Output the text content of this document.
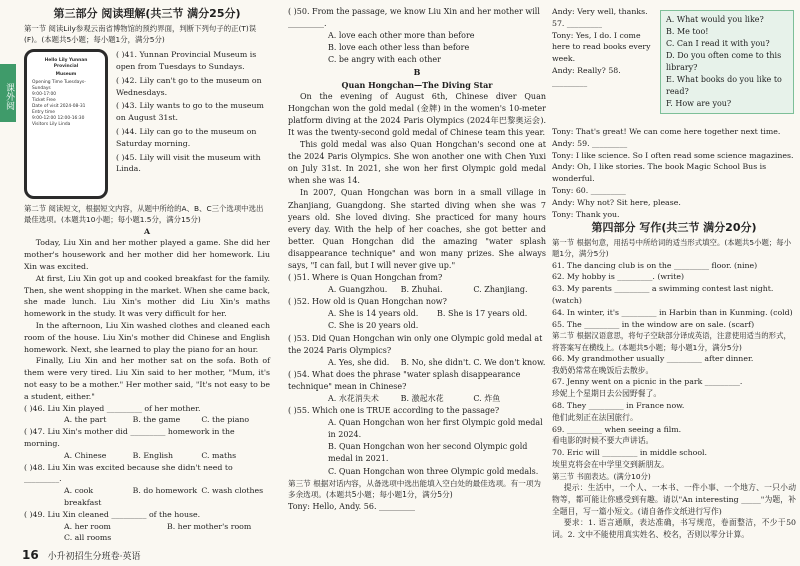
课外阅
第三部分 阅读理解(共三节 满分25分)
第一节 阅读Lily参观云南省博物馆的预约界面，判断下列句子的正(T)误(F)。(本题共5小题；每小题1分，满分5分)
Hello Lily Yunnan Provincial
Museum
Opening Time Tuesdays-Sundays
9:00-17:00
Ticket Free
Date of visit 2024-08-31
Entry time
9:00-12:00 12:00-16:30
Visitors Lily Linda
( )41. Yunnan Provincial Museum is open from Tuesdays to Sundays.
( )42. Lily can't go to the museum on Wednesdays.
( )43. Lily wants to go to the museum on August 31st.
( )44. Lily can go to the museum on Saturday morning.
( )45. Lily will visit the museum with Linda.
第二节 阅读短文，根据短文内容，从题中所给的A、B、C三个选项中选出最佳选项。(本题共10小题；每小题1.5分，满分15分)
A
Today, Liu Xin and her mother played a game. She did her mother's housework and her mother did her homework. Liu Xin was excited.
At first, Liu Xin got up and cooked breakfast for the family. Then, she went shopping in the market. When she came back, she made lunch. Liu Xin's mother did Liu Xin's maths homework in the study. It was very difficult for her.
In the afternoon, Liu Xin washed clothes and cleaned each room of the house. Liu Xin's mother did Chinese and English homework. Next, she learned to play the piano for an hour.
Finally, Liu Xin and her mother sat on the sofa. Both of them were very tired. Liu Xin said to her mother, "Mum, it's not easy to be a mother." Her mother said, "It's not easy to be a student, either."
( )46. Liu Xin played _________ of her mother.
A. the part	B. the game	C. the piano
( )47. Liu Xin's mother did _________ homework in the morning.
A. Chinese	B. English	C. maths
( )48. Liu Xin was excited because she didn't need to _________.
A. cook breakfast
B. do homework C. wash clothes
( )49. Liu Xin cleaned _________ of the house.
A. her room	B. her mother's room
C. all rooms
( )50. From the passage, we know Liu Xin and her mother will _________.
A. love each other more than before
B. love each other less than before
C. be angry with each other
B
Quan Hongchan—The Diving Star
On the evening of August 6th, Chinese diver Quan Hongchan won the gold medal (金牌) in the women's 10-meter platform diving at the 2024 Paris Olympics (2024年巴黎奥运会). It was the twenty-second gold medal of Chinese team this year.
This gold medal was also Quan Hongchan's second one at the 2024 Paris Olympics. She won another one with Chen Yuxi on July 31st. In 2021, she won her first Olympic gold medal when she was 14.
In 2007, Quan Hongchan was born in a small village in Zhanjiang, Guangdong. She started diving when she was 7 years old. She loved diving. She practiced for many hours every day. With the help of her coaches, she got better and better. Quan Hongchan did the amazing "water splash disappearance technique" and won many prizes. She always says, "I can fail, but I will never give up."
( )51. Where is Quan Hongchan from?
A. Guangzhou.	B. Zhuhai.	C. Zhanjiang.
( )52. How old is Quan Hongchan now?
A. She is 14 years old.	B. She is 17 years old.
C. She is 20 years old.
( )53. Did Quan Hongchan win only one Olympic gold medal at the 2024 Paris Olympics?
A. Yes, she did.	B. No, she didn't. C. We don't know.
( )54. What does the phrase "water splash disappearance technique" mean in Chinese?
A. 水花消失术	B. 激起水花	C. 炸鱼
( )55. Which one is TRUE according to the passage?
A. Quan Hongchan won her first Olympic gold medal in 2024.
B. Quan Hongchan won her second Olympic gold medal in 2021.
C. Quan Hongchan won three Olympic gold medals.
第三节 根据对话内容，从备选项中选出能填入空白处的最佳选项。有一项为多余选项。(本题共5小题；每小题1分，满分5分)
Tony: Hello, Andy. 56. _________
Andy: Very well, thanks.
57. _________
Tony: Yes, I do. I come here to read books every week.
Andy: Really? 58. _________
A. What would you like?
B. Me too!
C. Can I read it with you?
D. Do you often come to this library?
E. What books do you like to read?
F. How are you?
Tony: That's great! We can come here together next time.
Andy: 59. _________
Tony: I like science. So I often read some science magazines.
Andy: Oh, I like stories. The book Magic School Bus is wonderful.
Tony: 60. _________
Andy: Why not? Sit here, please.
Tony: Thank you.
第四部分 写作(共三节 满分20分)
第一节 根据句意，用括号中所给词的适当形式填空。(本题共5小题；每小题1分，满分5分)
61. The dancing club is on the _________ floor. (nine)
62. My hobby is _________. (write)
63. My parents _________ a swimming contest last night. (watch)
64. In winter, it's _________ in Harbin than in Kunming. (cold)
65. The _________ in the window are on sale. (scarf)
第二节 根据汉语意思，将句子空缺部分译成英语，注意使用适当的形式，将答案写在横线上。(本题共5小题；每小题1分，满分5分)
66. My grandmother usually _________ after dinner.
我奶奶常常在晚饭后去散步。
67. Jenny went on a picnic in the park _________.
珍妮上个星期日去公园野餐了。
68. They _________ in France now.
他们此刻正在法国旅行。
69. _________ when seeing a film.
看电影的时候不要大声讲话。
70. Eric will _________ in middle school.
埃里克将会在中学里交到新朋友。
第三节 书面表达。(满分10分)
提示：生活中，一个人、一本书、一件小事、一个地方、一只小动物等，都可能让你感受到有趣。请以"An interesting _____"为题，补全题目，写一篇小短文。(请自备作文纸进行写作)
要求：1. 语言通顺，表达准确，书写规范，卷面整洁，不少于50词。2. 文中不能使用真实姓名、校名，否则以零分计算。
16 小升初招生分班卷·英语
